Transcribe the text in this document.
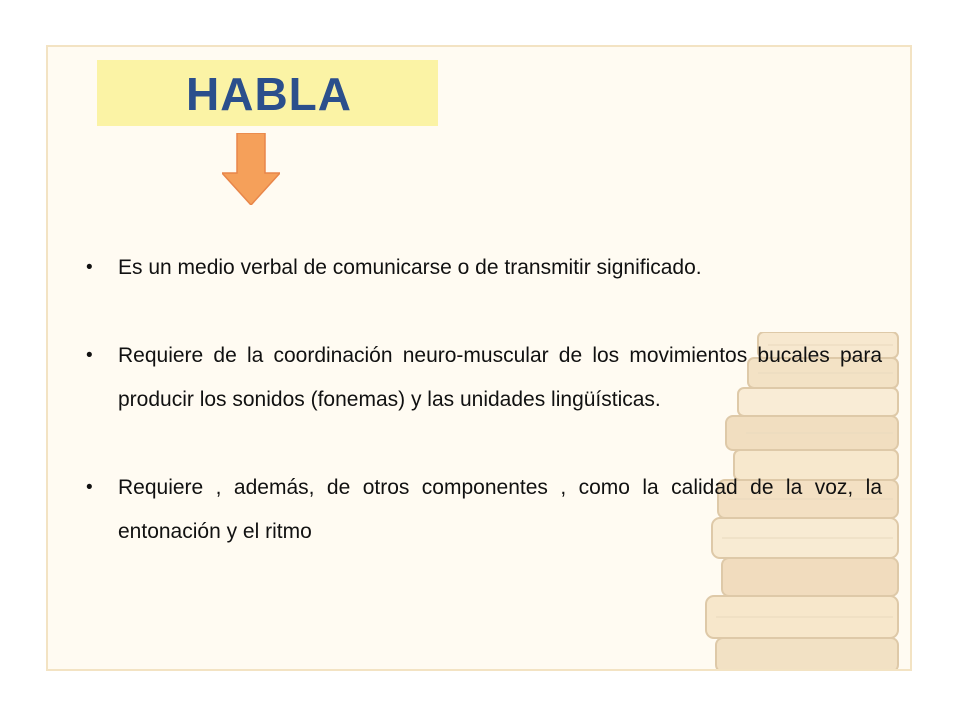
HABLA
• Es un medio verbal de comunicarse o de transmitir significado.
• Requiere de la coordinación neuro-muscular de los movimientos bucales para producir los sonidos (fonemas) y las unidades lingüísticas.
• Requiere , además, de otros componentes , como la calidad de la voz, la entonación y el ritmo
